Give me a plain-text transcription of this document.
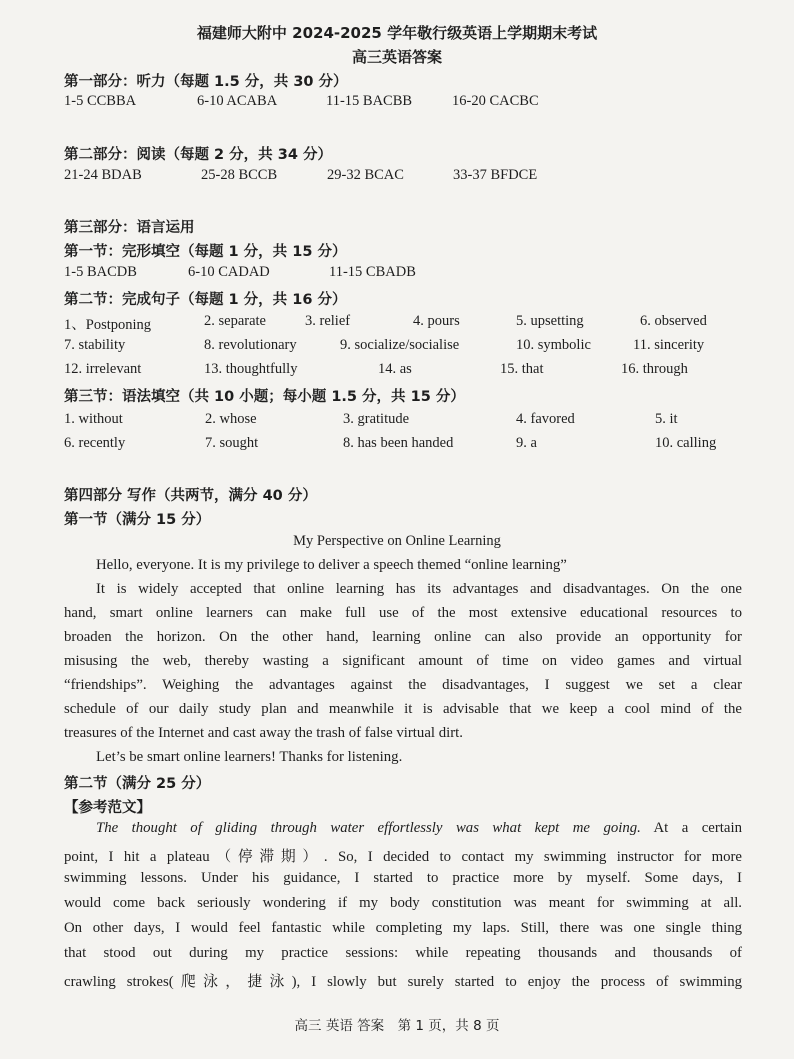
福建师大附中 2024-2025 学年敬行级英语上学期期末考试
高三英语答案
第一部分：听力（每题 1.5 分，共 30 分）
1-5 CCBBA	6-10 ACABA	11-15 BACBB	16-20 CACBC
第二部分：阅读（每题 2 分，共 34 分）
21-24 BDAB	25-28 BCCB	29-32 BCAC	33-37 BFDCE
第三部分：语言运用
第一节：完形填空（每题 1 分，共 15 分）
1-5 BACDB	6-10 CADAD	11-15 CBADB
第二节：完成句子（每题 1 分，共 16 分）
1、Postponing	2. separate	3. relief	4. pours	5. upsetting	6. observed
7. stability	8. revolutionary	9. socialize/socialise	10. symbolic	11. sincerity
12. irrelevant	13. thoughtfully	14. as	15. that	16. through
第三节：语法填空（共 10 小题；每小题 1.5 分，共 15 分）
1. without	2. whose	3. gratitude	4. favored	5. it
6. recently	7. sought	8. has been handed	9. a	10. calling
第四部分 写作（共两节，满分 40 分）
第一节（满分 15 分）
My Perspective on Online Learning
Hello, everyone. It is my privilege to deliver a speech themed “online learning”
It is widely accepted that online learning has its advantages and disadvantages. On the one
hand, smart online learners can make full use of the most extensive educational resources to
broaden the horizon. On the other hand, learning online can also provide an opportunity for
misusing the web, thereby wasting a significant amount of time on video games and virtual
“friendships”. Weighing the advantages against the disadvantages, I suggest we set a clear
schedule of our daily study plan and meanwhile it is advisable that we keep a cool mind of the
treasures of the Internet and cast away the trash of false virtual dirt.
Let’s be smart online learners! Thanks for listening.
第二节（满分 25 分）
【参考范文】
The thought of gliding through water effortlessly was what kept me going. At a certain
point, I hit a plateau（停滞期）. So, I decided to contact my swimming instructor for more
swimming lessons. Under his guidance, I started to practice more by myself. Some days, I
would come back seriously wondering if my body constitution was meant for swimming at all.
On other days, I would feel fantastic while completing my laps. Still, there was one single thing
that stood out during my practice sessions: while repeating thousands and thousands of
crawling strokes(爬泳，捷泳), I slowly but surely started to enjoy the process of swimming
高三 英语 答案　第 1 页，共 8 页
